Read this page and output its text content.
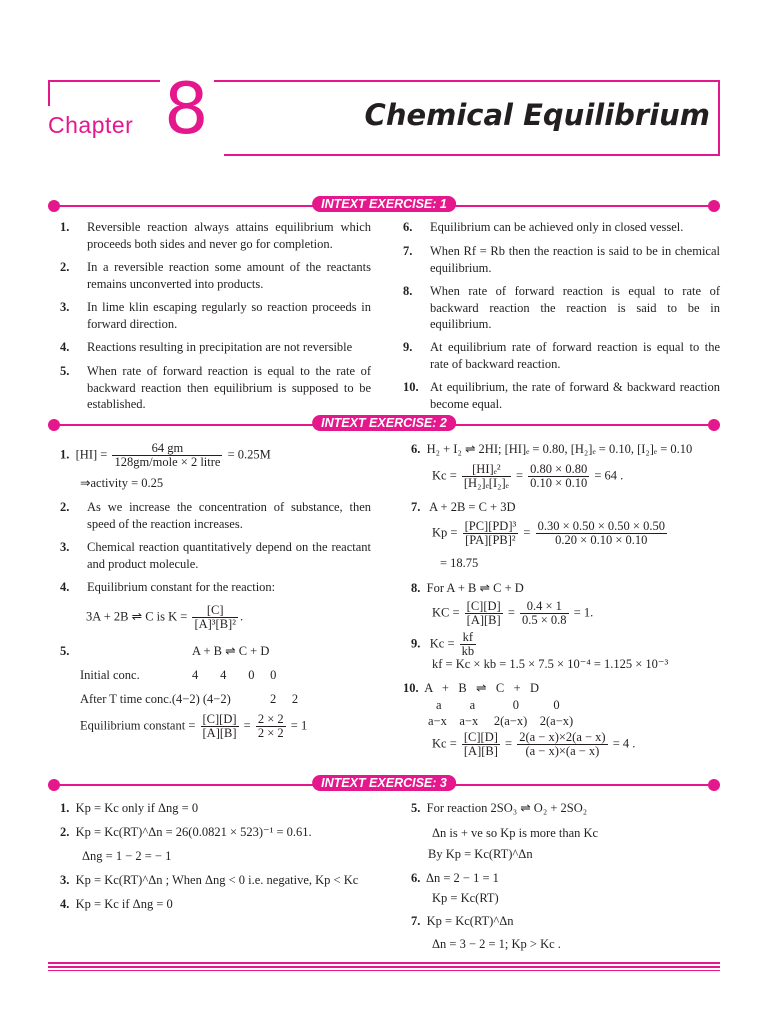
Chapter 8	Chemical Equilibrium
INTEXT EXERCISE: 1
1. Reversible reaction always attains equilibrium which proceeds both sides and never go for completion.
2. In a reversible reaction some amount of the reactants remains unconverted into products.
3. In lime klin escaping regularly so reaction proceeds in forward direction.
4. Reactions resulting in precipitation are not reversible
5. When rate of forward reaction is equal to the rate of backward reaction then equilibrium is supposed to be established.
6. Equilibrium can be achieved only in closed vessel.
7. When Rf = Rb then the reaction is said to be in chemical equilibrium.
8. When rate of forward reaction is equal to rate of backward reaction the reaction is said to be in equilibrium.
9. At equilibrium rate of forward reaction is equal to the rate of backward reaction.
10. At equilibrium, the rate of forward & backward reaction become equal.
INTEXT EXERCISE: 2
1. $[HI] = \frac{64 gm}{\text{128gm/mole × 2 litre}} = 0.25M$
⇒activity = 0.25
2. As we increase the concentration of substance, then speed of the reaction increases.
3. Chemical reaction quantitatively depend on the reactant and product molecule.
4. Equilibrium constant for the reaction:
3A + 2B ⇌ C is $K = \frac{[C]}{\text{[A]³[B]²}}$ .
5.	A + B ⇌ C + D
Initial conc.	4       4       0     0
After T time conc.(4−2) (4−2)	2     2
Equilibrium constant = $\frac{[C][D]}{[A][B]} = \frac{2 \times 2}{2 \times 2} = 1$
6. H₂ + I₂ ⇌ 2HI; [HI]ₑ = 0.80, [H₂]ₑ = 0.10, [I₂]ₑ = 0.10
$Kc = \frac{\text{[HI]ₑ²}}{\text{[H₂]ₑ[I₂]ₑ}} = \frac{0.80 \times 0.80}{0.10 \times 0.10} = 64$ .
7. A + 2B = C + 3D
$Kp = \frac{\text{[PC][PD]³}}{\text{[PA][PB]²}} = \frac{0.30 \times 0.50 \times 0.50 \times 0.50}{0.20 \times 0.10 \times 0.10}$
= 18.75
8. For A + B ⇌ C + D
KC = $\frac{[C][D]}{[A][B]} = \frac{0.4 \times 1}{0.5 \times 0.8} = 1$.
9. $Kc = \frac{kf}{kb}$
kf = Kc × kb = 1.5 × 7.5 × 10⁻⁴ = 1.125 × 10⁻³
10. A   +   B   ⇌   C   +   D
a         a            0           0
a−x    a−x     2(a−x)    2(a−x)
$Kc = \frac{[C][D]}{[A][B]} = \frac{2(a - x)\times 2(a - x)}{(a - x)\times(a - x)} = 4$ .
INTEXT EXERCISE: 3
1. Kp = Kc only if Δng = 0
2. Kp = Kc(RT)^Δn = 26(0.0821 × 523)⁻¹ = 0.61.
Δng = 1 − 2 = − 1
3. Kp = Kc(RT)^Δn ; When Δng < 0 i.e. negative, Kp < Kc
4. Kp = Kc if Δng = 0
5. For reaction 2SO₃ ⇌ O₂ + 2SO₂
Δn is + ve so Kp is more than Kc
By Kp = Kc(RT)^Δn
6. Δn = 2 − 1 = 1
Kp = Kc(RT)
7. Kp = Kc(RT)^Δn
Δn = 3 − 2 = 1; Kp > Kc .
